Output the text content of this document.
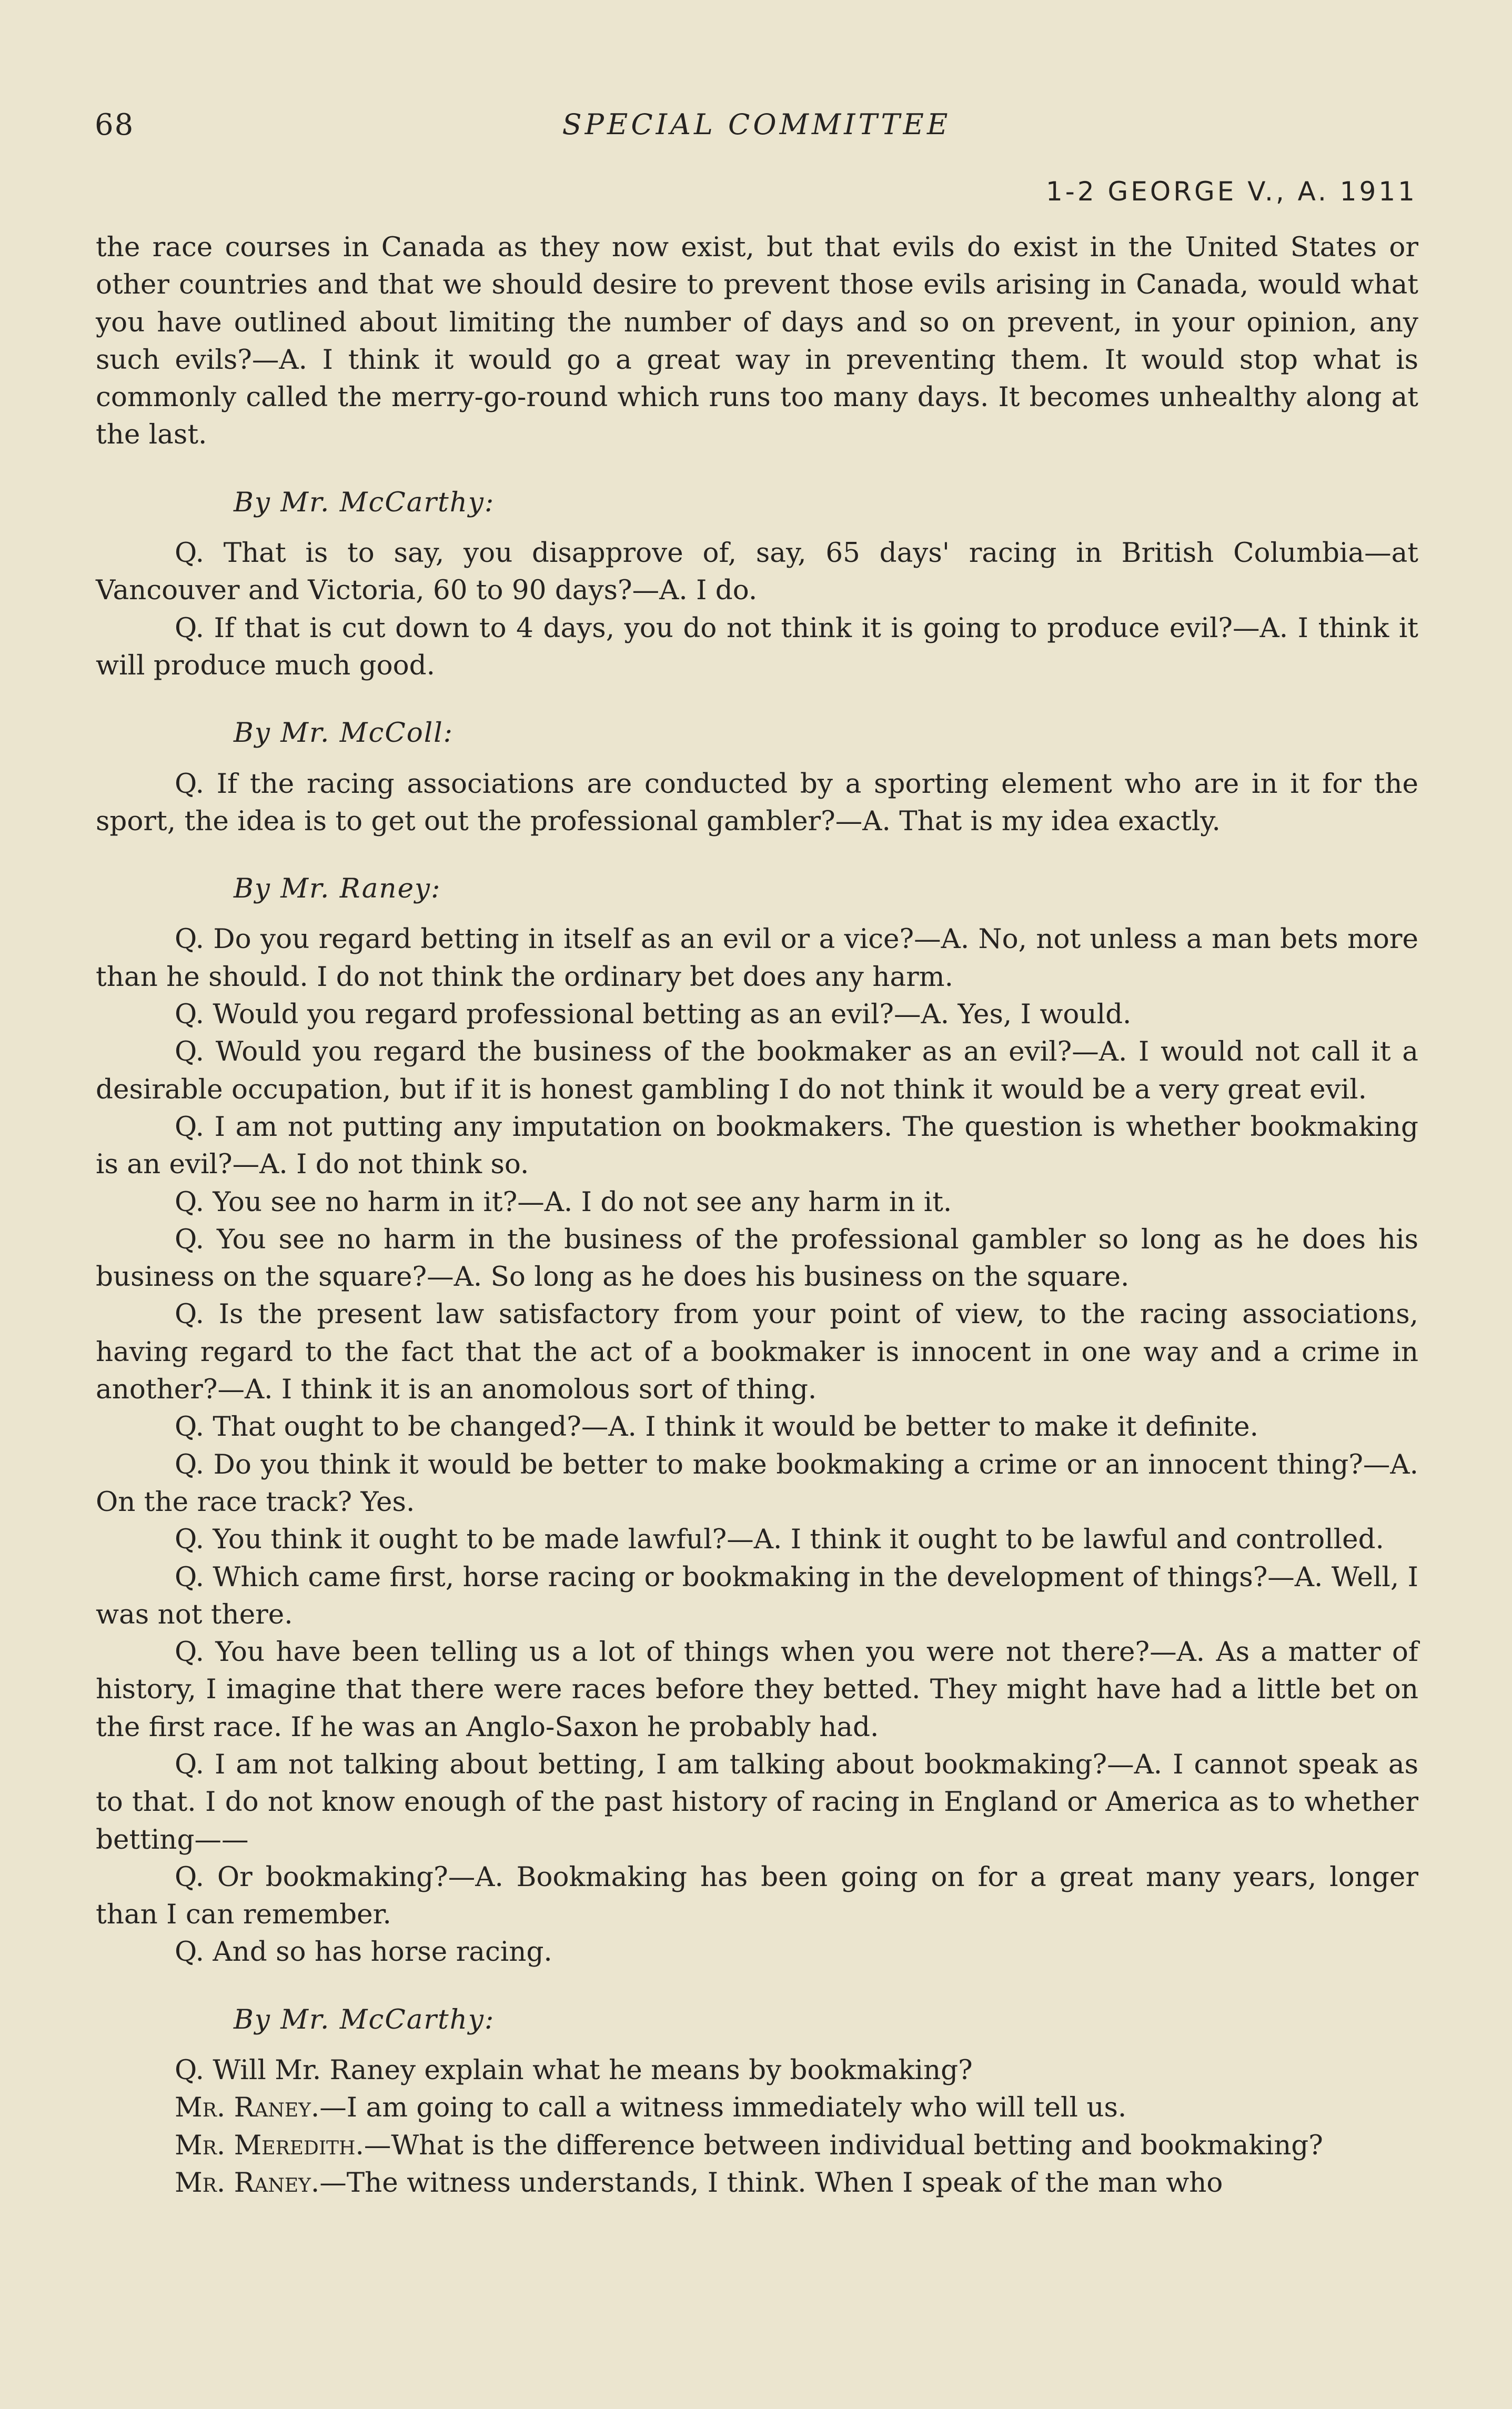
68	SPECIAL COMMITTEE
1-2 GEORGE V., A. 1911

the race courses in Canada as they now exist, but that evils do exist in the United States or other countries and that we should desire to prevent those evils arising in Canada, would what you have outlined about limiting the number of days and so on prevent, in your opinion, any such evils?—A. I think it would go a great way in preventing them. It would stop what is commonly called the merry-go-round which runs too many days. It becomes unhealthy along at the last.

By Mr. McCarthy:

Q. That is to say, you disapprove of, say, 65 days' racing in British Columbia—at Vancouver and Victoria, 60 to 90 days?—A. I do.

Q. If that is cut down to 4 days, you do not think it is going to produce evil?—A. I think it will produce much good.

By Mr. McColl:

Q. If the racing associations are conducted by a sporting element who are in it for the sport, the idea is to get out the professional gambler?—A. That is my idea exactly.

By Mr. Raney:

Q. Do you regard betting in itself as an evil or a vice?—A. No, not unless a man bets more than he should. I do not think the ordinary bet does any harm.

Q. Would you regard professional betting as an evil?—A. Yes, I would.

Q. Would you regard the business of the bookmaker as an evil?—A. I would not call it a desirable occupation, but if it is honest gambling I do not think it would be a very great evil.

Q. I am not putting any imputation on bookmakers. The question is whether bookmaking is an evil?—A. I do not think so.

Q. You see no harm in it?—A. I do not see any harm in it.

Q. You see no harm in the business of the professional gambler so long as he does his business on the square?—A. So long as he does his business on the square.

Q. Is the present law satisfactory from your point of view, to the racing associations, having regard to the fact that the act of a bookmaker is innocent in one way and a crime in another?—A. I think it is an anomolous sort of thing.

Q. That ought to be changed?—A. I think it would be better to make it definite.

Q. Do you think it would be better to make bookmaking a crime or an innocent thing?—A. On the race track? Yes.

Q. You think it ought to be made lawful?—A. I think it ought to be lawful and controlled.

Q. Which came first, horse racing or bookmaking in the development of things?—A. Well, I was not there.

Q. You have been telling us a lot of things when you were not there?—A. As a matter of history, I imagine that there were races before they betted. They might have had a little bet on the first race. If he was an Anglo-Saxon he probably had.

Q. I am not talking about betting, I am talking about bookmaking?—A. I cannot speak as to that. I do not know enough of the past history of racing in England or America as to whether betting——

Q. Or bookmaking?—A. Bookmaking has been going on for a great many years, longer than I can remember.

Q. And so has horse racing.

By Mr. McCarthy:

Q. Will Mr. Raney explain what he means by bookmaking?

Mr. Raney.—I am going to call a witness immediately who will tell us.

Mr. Meredith.—What is the difference between individual betting and bookmaking?

Mr. Raney.—The witness understands, I think. When I speak of the man who
